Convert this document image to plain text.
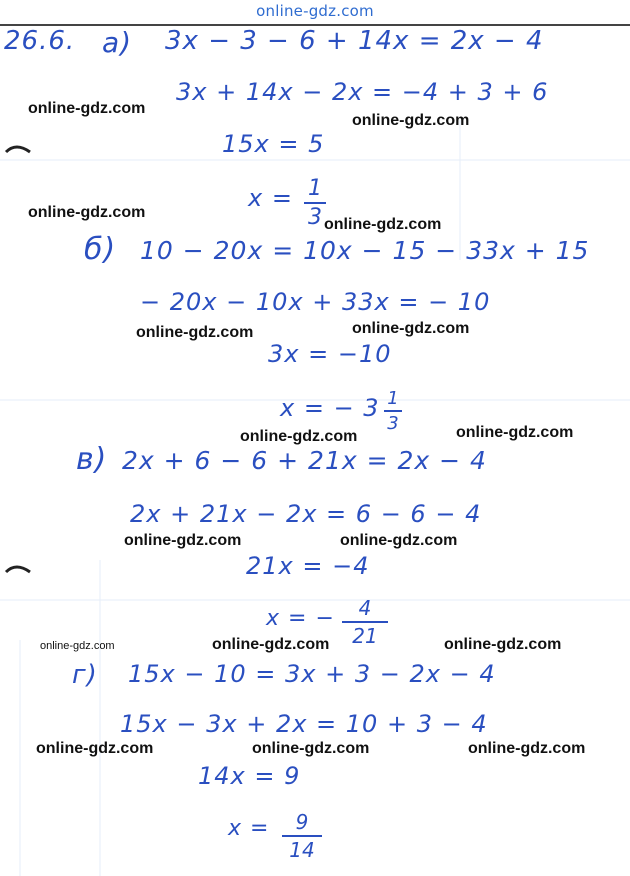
online-gdz.com
26.6. а) 3x − 3 − 6 + 14x = 2x − 4
3x + 14x − 2x = −4 + 3 + 6
15x = 5
x = 1
3
б) 10 − 20x = 10x − 15 − 33x + 15
− 20x − 10x + 33x = − 10
3x = −10
x = − 3 1
3
в) 2x + 6 − 6 + 21x = 2x − 4
2x + 21x − 2x = 6 − 6 − 4
21x = −4
x = −	4
21
г) 15x − 10 = 3x + 3 − 2x − 4
15x − 3x + 2x = 10 + 3 − 4
14x = 9
x =	9
14
online-gdz.com
online-gdz.com
online-gdz.com
online-gdz.com
online-gdz.com	online-gdz.com
online-gdz.com	online-gdz.com
online-gdz.com	online-gdz.com
online-gdz.com	online-gdz.com	online-gdz.com
online-gdz.com	online-gdz.com	online-gdz.com
